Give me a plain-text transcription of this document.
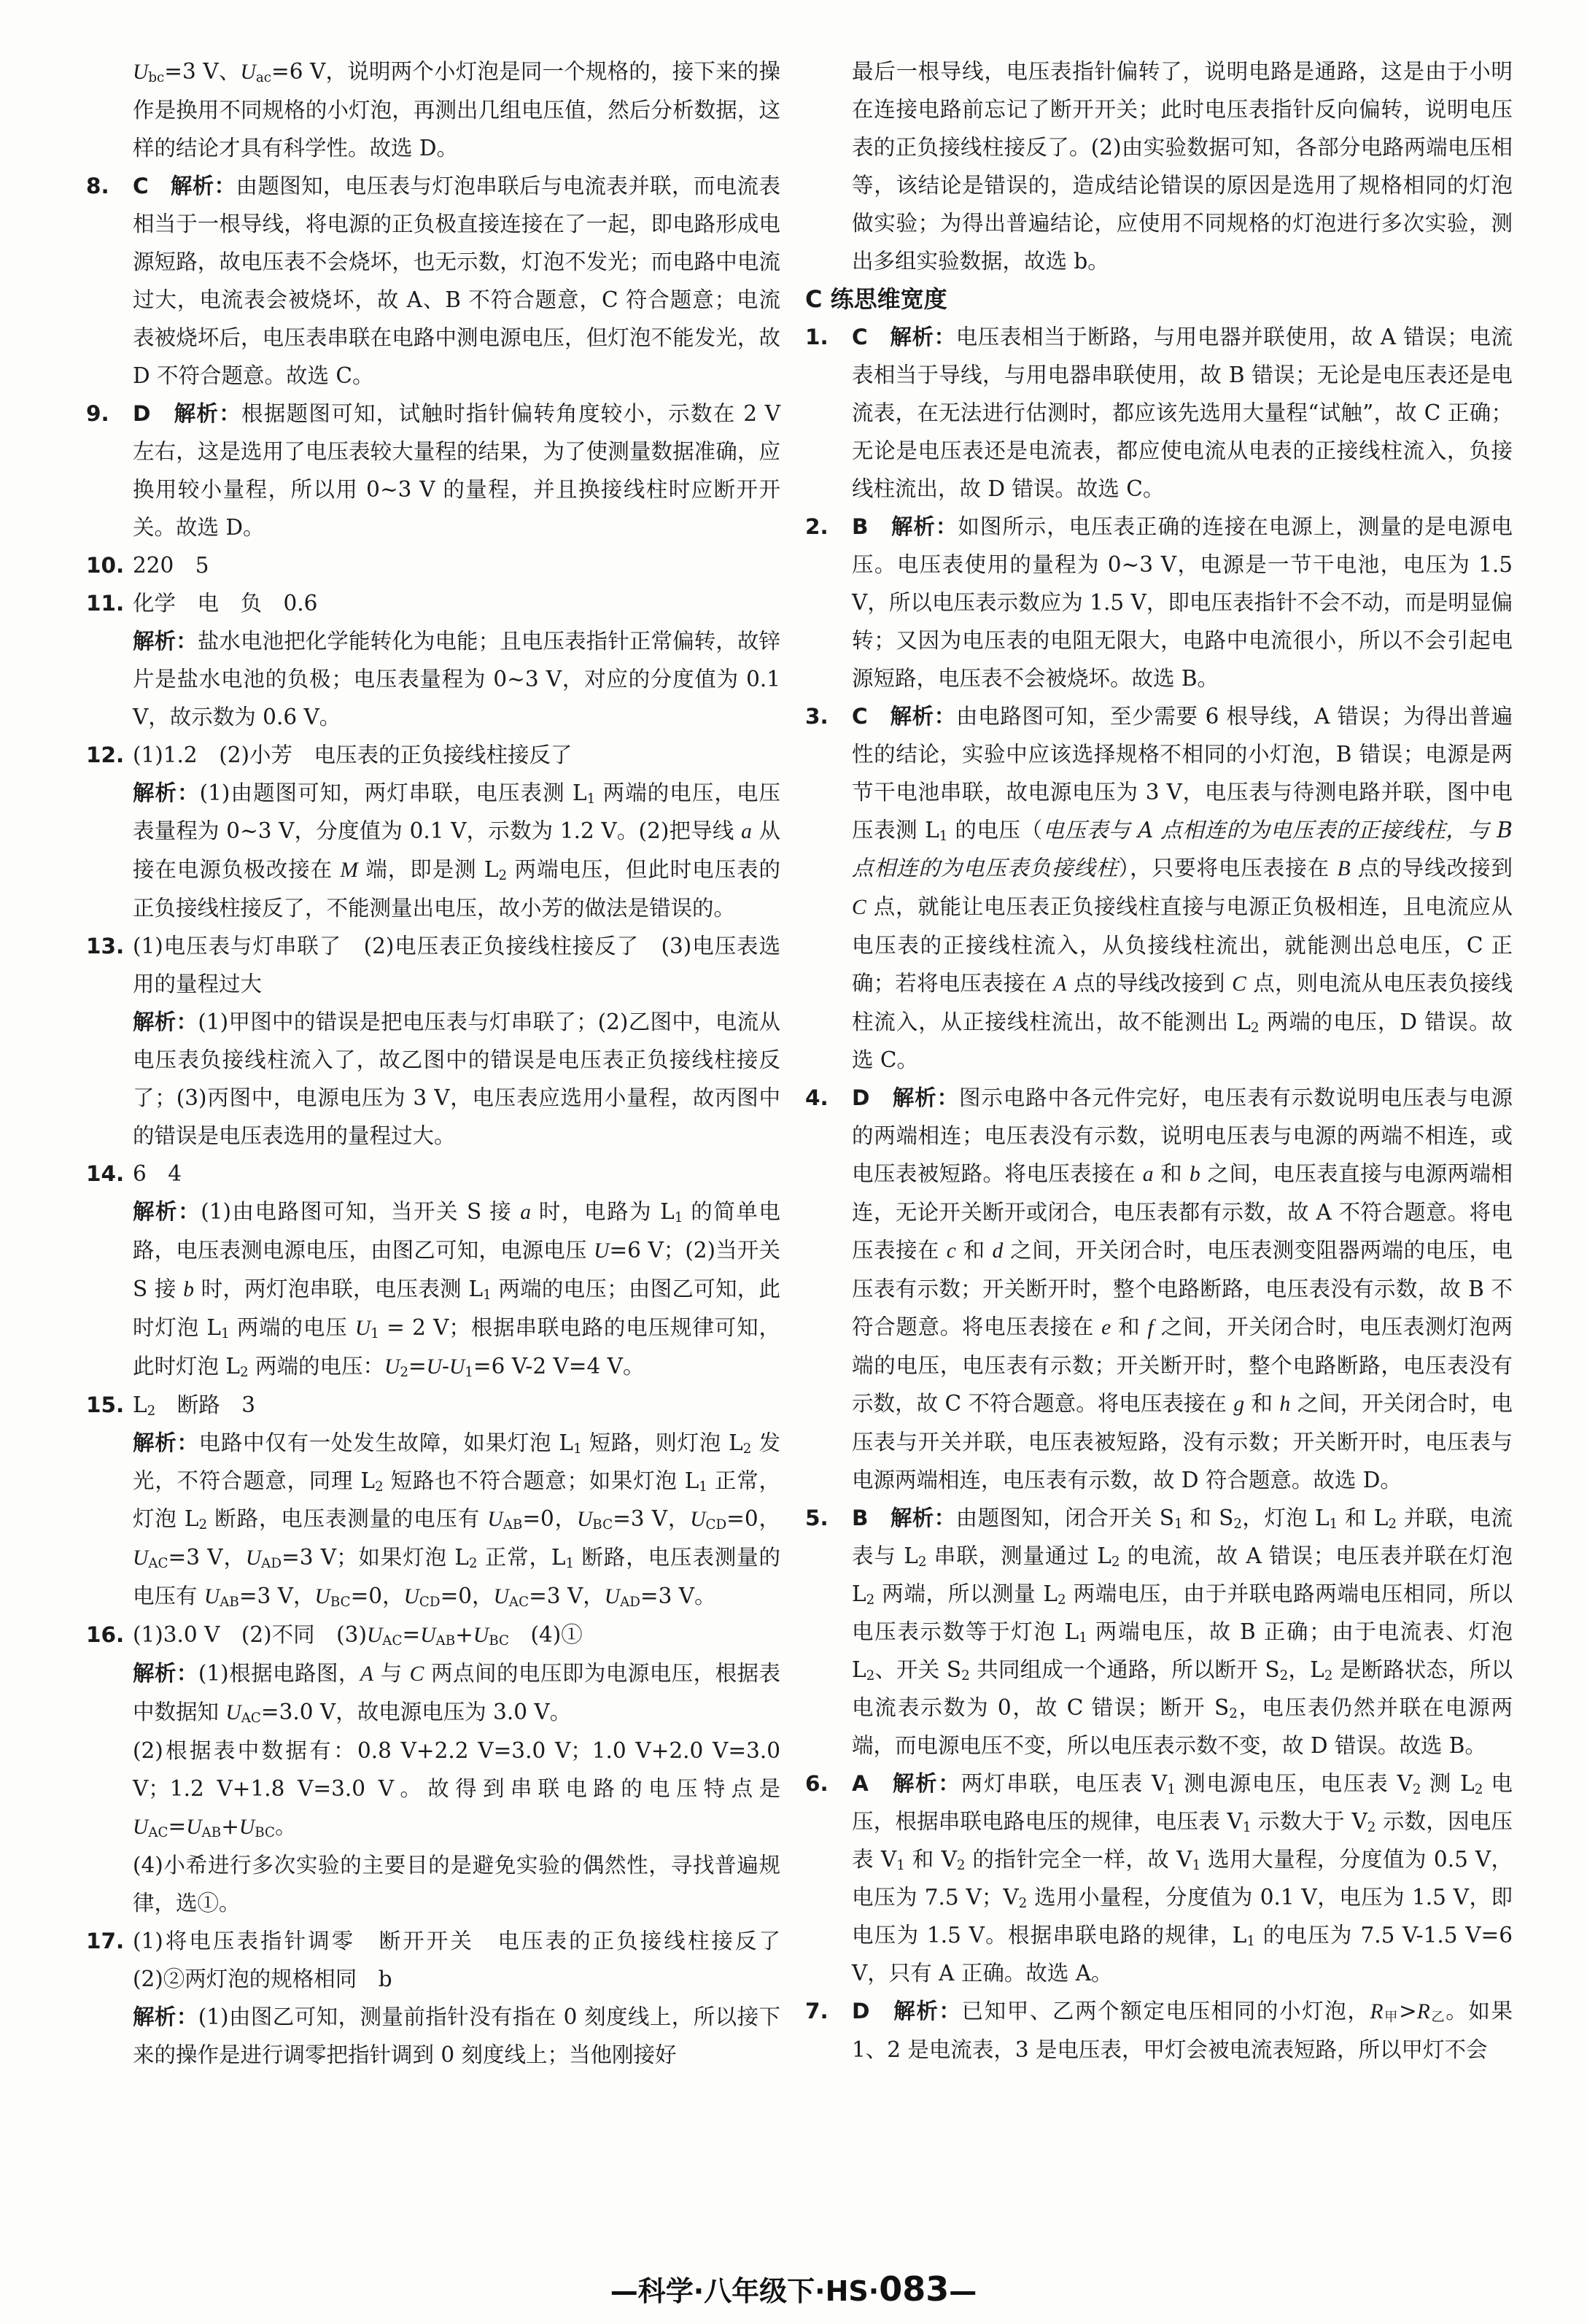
$U_{bc}=3$ V、$U_{ac}=6$ V，说明两个小灯泡是同一个规格的，接下来的操作是换用不同规格的小灯泡，再测出几组电压值，然后分析数据，这样的结论才具有科学性。故选 D。
8. C　 解析：由题图知，电压表与灯泡串联后与电流表并联，而电流表相当于一根导线，将电源的正负极直接连接在了一起，即电路形成电源短路，故电压表不会烧坏，也无示数，灯泡不发光；而电路中电流过大，电流表会被烧坏，故 A、B 不符合题意，C 符合题意；电流表被烧坏后，电压表串联在电路中测电源电压，但灯泡不能发光，故 D 不符合题意。故选 C。
9. D　 解析：根据题图可知，试触时指针偏转角度较小，示数在 2 V 左右，这是选用了电压表较大量程的结果，为了使测量数据准确，应换用较小量程，所以用 0~3 V 的量程，并且换接线柱时应断开开关。故选 D。
10. 220　5
11. 化学　电　负　0.6
解析：盐水电池把化学能转化为电能；且电压表指针正常偏转，故锌片是盐水电池的负极；电压表量程为 0~3 V，对应的分度值为 0.1 V，故示数为 0.6 V。
12. (1)1.2　(2)小芳　电压表的正负接线柱接反了
解析：(1)由题图可知，两灯串联，电压表测 $L_1$ 两端的电压，电压表量程为 0~3 V，分度值为 0.1 V，示数为 1.2 V。(2)把导线 a 从接在电源负极改接在 M 端，即是测 $L_2$ 两端电压，但此时电压表的正负接线柱接反了，不能测量出电压，故小芳的做法是错误的。
13. (1)电压表与灯串联了　(2)电压表正负接线柱接反了　(3)电压表选用的量程过大
解析：(1)甲图中的错误是把电压表与灯串联了；(2)乙图中，电流从电压表负接线柱流入了，故乙图中的错误是电压表正负接线柱接反了；(3)丙图中，电源电压为 3 V，电压表应选用小量程，故丙图中的错误是电压表选用的量程过大。
14. 6　4
解析：(1)由电路图可知，当开关 S 接 a 时，电路为 $L_1$ 的简单电路，电压表测电源电压，由图乙可知，电源电压 U=6 V；(2)当开关 S 接 b 时，两灯泡串联，电压表测 $L_1$ 两端的电压；由图乙可知，此时灯泡 $L_1$ 两端的电压 $U_1 = 2$ V；根据串联电路的电压规律可知，此时灯泡 $L_2$ 两端的电压：$U_2=U-U_1=6$ V-2 V=4 V。
15. $L_2$　断路　3
解析：电路中仅有一处发生故障，如果灯泡 $L_1$ 短路，则灯泡 $L_2$ 发光，不符合题意，同理 $L_2$ 短路也不符合题意；如果灯泡 $L_1$ 正常，灯泡 $L_2$ 断路，电压表测量的电压有 $U_{AB}=0$，$U_{BC}=3$ V，$U_{CD}=0$，$U_{AC}=3$ V，$U_{AD}=3$ V；如果灯泡 $L_2$ 正常，$L_1$ 断路，电压表测量的电压有 $U_{AB}=3$ V，$U_{BC}=0$，$U_{CD}=0$，$U_{AC}=3$ V，$U_{AD}=3$ V。
16. (1)3.0 V　(2)不同　$(3)U_{AC}=U_{AB}+U_{BC}$　(4)①
解析：(1)根据电路图，A 与 C 两点间的电压即为电源电压，根据表中数据知 $U_{AC}=3.0$ V，故电源电压为 3.0 V。
(2)根据表中数据有：0.8 V+2.2 V=3.0 V；1.0 V+2.0 V=3.0 V；1.2 V+1.8 V=3.0 V。故得到串联电路的电压特点是 $U_{AC}=U_{AB}+U_{BC}$。
(4)小希进行多次实验的主要目的是避免实验的偶然性，寻找普遍规律，选①。
17. (1)将电压表指针调零　断开开关　电压表的正负接线柱接反了　(2)②两灯泡的规格相同　b
解析：(1)由图乙可知，测量前指针没有指在 0 刻度线上，所以接下来的操作是进行调零把指针调到 0 刻度线上；当他刚接好
最后一根导线，电压表指针偏转了，说明电路是通路，这是由于小明在连接电路前忘记了断开开关；此时电压表指针反向偏转，说明电压表的正负接线柱接反了。(2)由实验数据可知，各部分电路两端电压相等，该结论是错误的，造成结论错误的原因是选用了规格相同的灯泡做实验；为得出普遍结论，应使用不同规格的灯泡进行多次实验，测出多组实验数据，故选 b。
C 练思维宽度
1. C　 解析：电压表相当于断路，与用电器并联使用，故 A 错误；电流表相当于导线，与用电器串联使用，故 B 错误；无论是电压表还是电流表，在无法进行估测时，都应该先选用大量程“试触”，故 C 正确；无论是电压表还是电流表，都应使电流从电表的正接线柱流入，负接线柱流出，故 D 错误。故选 C。
2. B　 解析：如图所示，电压表正确的连接在电源上，测量的是电源电压。电压表使用的量程为 0~3 V，电源是一节干电池，电压为 1.5 V，所以电压表示数应为 1.5 V，即电压表指针不会不动，而是明显偏转；又因为电压表的电阻无限大，电路中电流很小，所以不会引起电源短路，电压表不会被烧坏。故选 B。
3. C　 解析：由电路图可知，至少需要 6 根导线，A 错误；为得出普遍性的结论，实验中应该选择规格不相同的小灯泡，B 错误；电源是两节干电池串联，故电源电压为 3 V，电压表与待测电路并联，图中电压表测 $L_1$ 的电压（电压表与 A 点相连的为电压表的正接线柱，与 B 点相连的为电压表负接线柱），只要将电压表接在 B 点的导线改接到 C 点，就能让电压表正负接线柱直接与电源正负极相连，且电流应从电压表的正接线柱流入，从负接线柱流出，就能测出总电压，C 正确；若将电压表接在 A 点的导线改接到 C 点，则电流从电压表负接线柱流入，从正接线柱流出，故不能测出 $L_2$ 两端的电压，D 错误。故选 C。
4. D　 解析：图示电路中各元件完好，电压表有示数说明电压表与电源的两端相连；电压表没有示数，说明电压表与电源的两端不相连，或电压表被短路。将电压表接在 a 和 b 之间，电压表直接与电源两端相连，无论开关断开或闭合，电压表都有示数，故 A 不符合题意。将电压表接在 c 和 d 之间，开关闭合时，电压表测变阻器两端的电压，电压表有示数；开关断开时，整个电路断路，电压表没有示数，故 B 不符合题意。将电压表接在 e 和 f 之间，开关闭合时，电压表测灯泡两端的电压，电压表有示数；开关断开时，整个电路断路，电压表没有示数，故 C 不符合题意。将电压表接在 g 和 h 之间，开关闭合时，电压表与开关并联，电压表被短路，没有示数；开关断开时，电压表与电源两端相连，电压表有示数，故 D 符合题意。故选 D。
5. B　 解析：由题图知，闭合开关 $S_1$ 和 $S_2$，灯泡 $L_1$ 和 $L_2$ 并联，电流表与 $L_2$ 串联，测量通过 $L_2$ 的电流，故 A 错误；电压表并联在灯泡 $L_2$ 两端，所以测量 $L_2$ 两端电压，由于并联电路两端电压相同，所以电压表示数等于灯泡 $L_1$ 两端电压，故 B 正确；由于电流表、灯泡 $L_2$、开关 $S_2$ 共同组成一个通路，所以断开 $S_2$，$L_2$ 是断路状态，所以电流表示数为 0，故 C 错误；断开 $S_2$，电压表仍然并联在电源两端，而电源电压不变，所以电压表示数不变，故 D 错误。故选 B。
6. A　 解析：两灯串联，电压表 $V_1$ 测电源电压，电压表 $V_2$ 测 $L_2$ 电压，根据串联电路电压的规律，电压表 $V_1$ 示数大于 $V_2$ 示数，因电压表 $V_1$ 和 $V_2$ 的指针完全一样，故 $V_1$ 选用大量程，分度值为 0.5 V，电压为 7.5 V；$V_2$ 选用小量程，分度值为 0.1 V，电压为 1.5 V，即电压为 1.5 V。根据串联电路的规律，$L_1$ 的电压为 7.5 V-1.5 V=6 V，只有 A 正确。故选 A。
7. D　 解析：已知甲、乙两个额定电压相同的小灯泡，$R_甲>R_乙$。如果 1、2 是电流表，3 是电压表，甲灯会被电流表短路，所以甲灯不会
—科学·八年级下·HS·083—
